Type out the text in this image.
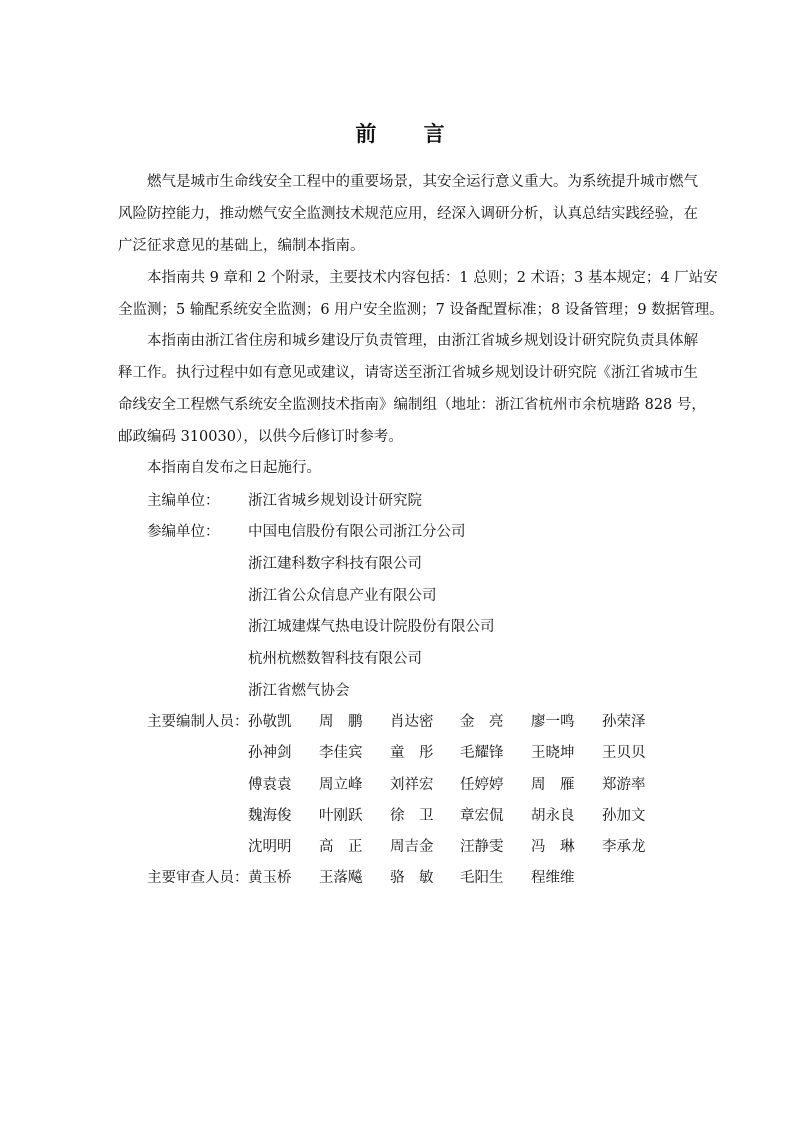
前 言
燃气是城市生命线安全工程中的重要场景，其安全运行意义重大。为系统提升城市燃气
风险防控能力，推动燃气安全监测技术规范应用，经深入调研分析，认真总结实践经验，在
广泛征求意见的基础上，编制本指南。
本指南共 9 章和 2 个附录，主要技术内容包括：1 总则；2 术语；3 基本规定；4 厂站安
全监测；5 输配系统安全监测；6 用户安全监测；7 设备配置标准；8 设备管理；9 数据管理。
本指南由浙江省住房和城乡建设厅负责管理，由浙江省城乡规划设计研究院负责具体解
释工作。执行过程中如有意见或建议，请寄送至浙江省城乡规划设计研究院《浙江省城市生
命线安全工程燃气系统安全监测技术指南》编制组（地址：浙江省杭州市余杭塘路 828 号，
邮政编码 310030），以供今后修订时参考。
本指南自发布之日起施行。
主编单位： 浙江省城乡规划设计研究院
参编单位： 中国电信股份有限公司浙江分公司
浙江建科数字科技有限公司
浙江省公众信息产业有限公司
浙江城建煤气热电设计院股份有限公司
杭州杭燃数智科技有限公司
浙江省燃气协会
主要编制人员： 孙敬凯 周　鹏 肖达密 金　亮 廖一鸣 孙荣泽
孙神剑 李佳宾 童　彤 毛耀锋 王晓坤 王贝贝
傅袁袁 周立峰 刘祥宏 任婷婷 周　雁 郑游率
魏海俊 叶刚跃 徐　卫 章宏侃 胡永良 孙加文
沈明明 高　正 周吉金 汪静雯 冯　琳 李承龙
主要审查人员： 黄玉桥 王落飚 骆　敏 毛阳生 程维维
